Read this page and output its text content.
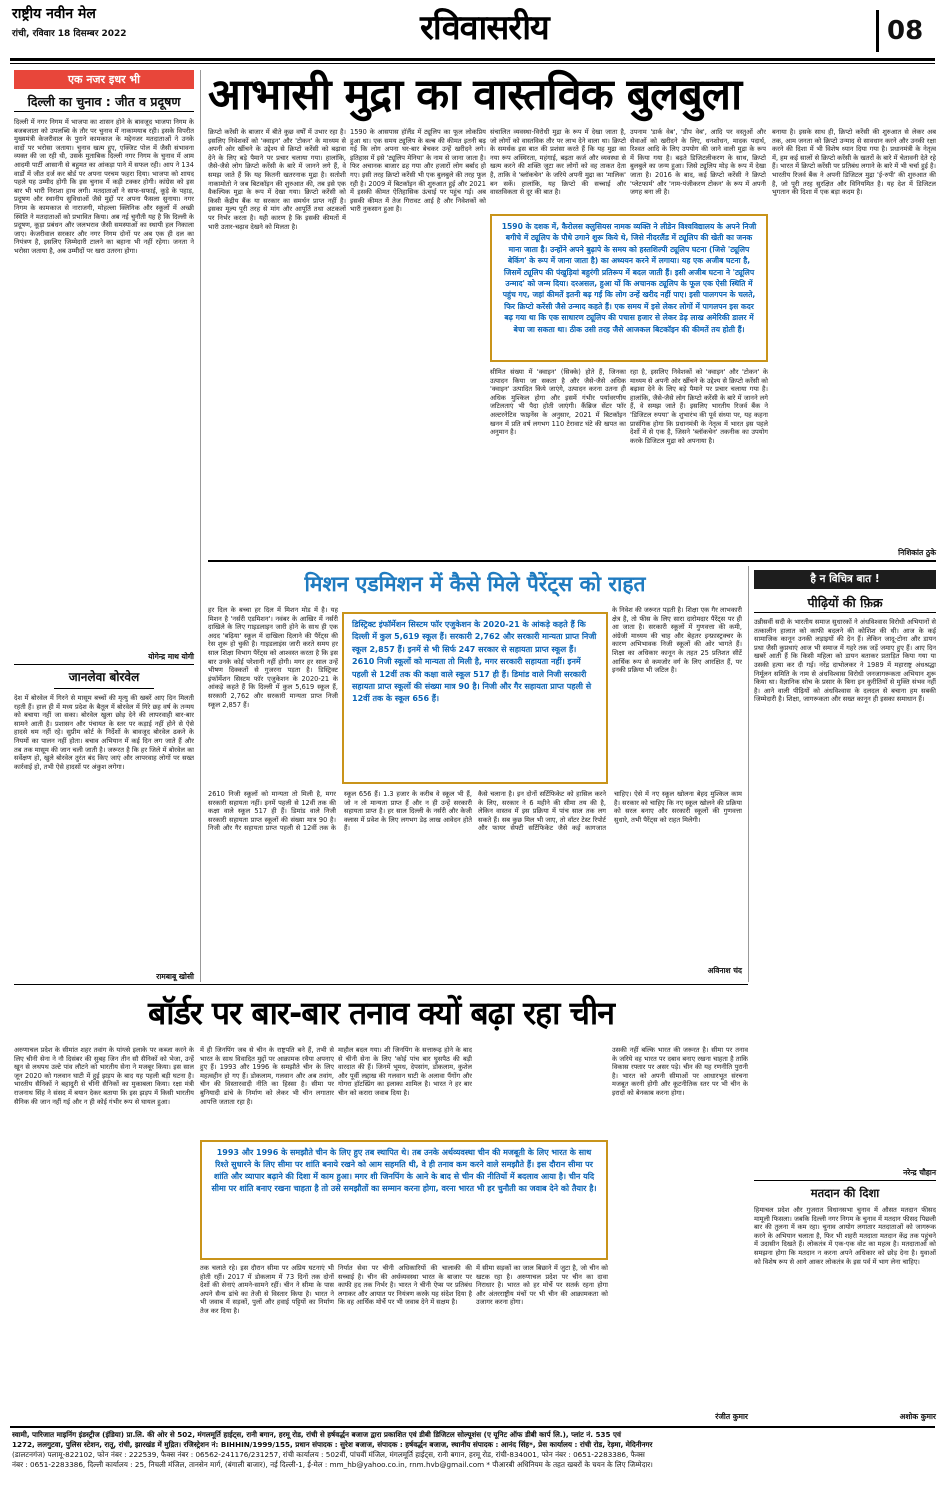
राष्ट्रीय नवीन मेल
रांची, रविवार 18 दिसम्बर 2022	रविवासरीय	08
एक नजर इधर भी
दिल्ली का चुनाव : जीत व प्रदूषण
दिल्ली में नगर निगम में भाजपा का शासन होने के बावजूद भाजपा निगम के बजबजाता को उपलब्धि के तौर पर चुनाव में नाकामयाब रही। इसके विपरीत मुख्यमंत्री केजरीवाल के पुराने कामकाज के मद्देनजर मतदाताओं ने उनके वादों पर भरोसा जताया। चुनाव खत्म हुए, एक्जिट पोल में जैसी संभावना व्यक्त की जा रही थी, उसके मुताबिक दिल्ली नगर निगम के चुनाव में आम आदमी पार्टी आसानी से बहुमत का आंकड़ा पाने में सफल रही। आप ने 134 वार्डों में जीत दर्ज कर बोर्ड पर अपना परचम फहरा दिया। भाजपा को शायद पहले यह उम्मीद होगी कि इस चुनाव में कड़ी टक्कर होगी। कांग्रेस को इस बार भी भारी निराशा हाथ लगी। मतदाताओं ने साफ-सफाई, कूड़े के पहाड़, प्रदूषण और स्थानीय सुविधाओं जैसे मुद्दों पर अपना फैसला सुनाया। नगर निगम के कामकाज से नाराजगी, मोहल्ला क्लिनिक और स्कूलों में अच्छी स्थिति ने मतदाताओं को प्रभावित किया। अब नई चुनौती यह है कि दिल्ली के प्रदूषण, कूड़ा प्रबंधन और जलभराव जैसी समस्याओं का स्थायी हल निकाला जाए। केजरीवाल सरकार और नगर निगम दोनों पर अब एक ही दल का नियंत्रण है, इसलिए जिम्मेदारी टालने का बहाना भी नहीं रहेगा। जनता ने भरोसा जताया है, अब उम्मीदों पर खरा उतरना होगा।
योगेन्द्र माथ योगी
जानलेवा बोरवेल
देश में बोरवेल में गिरने से मासूम बच्चों की मृत्यु की खबरें आए दिन मिलती रहती हैं। हाल ही में मध्य प्रदेश के बैतूल में बोरवेल में गिरे छह वर्ष के तन्मय को बचाया नहीं जा सका। बोरवेल खुला छोड़ देने की लापरवाही बार-बार सामने आती है। प्रशासन और पंचायत के स्तर पर कड़ाई नहीं होने से ऐसे हादसे थम नहीं रहे। सुप्रीम कोर्ट के निर्देशों के बावजूद बोरवेल ढकने के नियमों का पालन नहीं होता। बचाव अभियान में कई दिन लग जाते हैं और तब तक मासूम की जान चली जाती है। जरूरत है कि हर जिले में बोरवेल का सर्वेक्षण हो, खुले बोरवेल तुरंत बंद किए जाएं और लापरवाह लोगों पर सख्त कार्रवाई हो, तभी ऐसे हादसों पर अंकुश लगेगा।
रामबाबू खोसी
आभासी मुद्रा का वास्तविक बुलबुला
क्रिप्टो करेंसी के बाजार में बीते कुछ वर्षों में उभार रहा है। इसलिए निवेशकों को 'क्वाइन' और 'टोकन' के माध्यम से अपनी ओर खींचने के उद्देश्य से क्रिप्टो करेंसी को बढ़ावा देने के लिए बड़े पैमाने पर प्रचार चलाया गया। हालांकि, जैसे-जैसे लोग क्रिप्टो करेंसी के बारे में जानने लगे हैं, वे समझ जाते हैं कि यह कितनी खतरनाक मुद्रा है। सतोशी नाकामोतो ने जब बिटकॉइन की शुरुआत की, तब इसे एक वैकल्पिक मुद्रा के रूप में देखा गया। क्रिप्टो करेंसी को किसी केंद्रीय बैंक या सरकार का समर्थन प्राप्त नहीं है। इसका मूल्य पूरी तरह से मांग और आपूर्ति तथा अटकलों पर निर्भर करता है। यही कारण है कि इसकी कीमतों में भारी उतार-चढ़ाव देखने को मिलता है।
1590 के आसपास हॉलैंड में ट्यूलिप का फूल लोकप्रिय हुआ था। एक समय ट्यूलिप के बल्ब की कीमत इतनी बढ़ गई कि लोग अपना घर-बार बेचकर उन्हें खरीदने लगे। इतिहास में इसे 'ट्यूलिप मेनिया' के नाम से जाना जाता है। फिर अचानक बाजार ढह गया और हजारों लोग बर्बाद हो गए। इसी तरह क्रिप्टो करेंसी भी एक बुलबुले की तरह फूल रही है। 2009 में बिटकॉइन की शुरुआत हुई और 2021 में इसकी कीमत ऐतिहासिक ऊंचाई पर पहुंच गई। अब इसकी कीमत में तेज गिरावट आई है और निवेशकों को भारी नुकसान हुआ है।
संचालित व्यवस्था-विरोधी मुद्रा के रूप में देखा जाता है, जो लोगों को वास्तविक तौर पर लाभ देने वाला था। क्रिप्टो के समर्थक इस बात की प्रशंसा करते हैं कि यह मुद्रा का नया रूप अस्थिरता, महंगाई, बढ़ता कर्ज और व्यवस्था से खत्म करने की शक्ति जुटा कर लोगों को वह ताकत देता है, ताकि वे 'ब्लॉकचेन' के जरिये अपनी मुद्रा का 'मालिक' बन सकें। हालांकि, यह क्रिप्टो की सच्चाई और वास्तविकता से दूर की बात है।
उपनाम 'डार्क वेब', 'डीप वेब', आदि पर वस्तुओं और सेवाओं को खरीदने के लिए, धनशोधन, मादक पदार्थ, रिश्वत आदि के लिए उपयोग की जाने वाली मुद्रा के रूप में किया गया है। बढ़ते डिजिटलीकरण के साथ, क्रिप्टो बुलबुले का जन्म हुआ। जिसे ट्यूलिप मोड़ के रूप में देखा जाता है। 2016 के बाद, कई क्रिप्टो करेंसी ने क्रिप्टो 'प्लेटफार्म' और 'नाम-पंजीकरण टोकन' के रूप में अपनी जगह बना ली है।
बनाया है। इसके साथ ही, क्रिप्टो करेंसी की शुरुआत से लेकर अब तक, आम जनता को क्रिप्टो उन्माद से सावधान करने और उनकी रक्षा करने की दिशा में भी विशेष ध्यान दिया गया है। प्रधानमंत्री के नेतृत्व में, हम कई सालों से क्रिप्टो करेंसी के खतरों के बारे में चेतावनी देते रहे हैं। भारत में क्रिप्टो करेंसी पर प्रतिबंध लगाने के बारे में भी चर्चा हुई है। भारतीय रिजर्व बैंक ने अपनी डिजिटल मुद्रा 'ई-रुपी' की शुरुआत की है, जो पूरी तरह सुरक्षित और विनियमित है। यह देश में डिजिटल भुगतान की दिशा में एक बड़ा कदम है।
1590 के दशक में, कैरोलस क्लुसियस नामक व्यक्ति ने लीडेन विश्वविद्यालय के अपने निजी बगीचे में ट्यूलिप के पौधे उगाने शुरू किये थे, जिसे नीदरलैंड में ट्यूलिप की खेती का जनक माना जाता है। उन्होंने अपने बुढ़ापे के समय को हस्तशिल्पी ट्यूलिप घटना (जिसे 'ट्यूलिप बेकिंग' के रूप में जाना जाता है) का अध्ययन करने में लगाया। यह एक अजीब घटना है, जिसमें ट्यूलिप की पंखुड़ियां बहुरंगी प्रतिरूप में बदल जाती हैं। इसी अजीब घटना ने 'ट्यूलिप उन्माद' को जन्म दिया। दरअसल, हुआ यों कि अचानक ट्यूलिप के फूल एक ऐसी स्थिति में पहुंच गए, जहां कीमतें इतनी बढ़ गईं कि लोग उन्हें खरीद नहीं पाए। इसी पालगपन के चलते, फिर क्रिप्टो करेंसी जैसे उन्माद कहते हैं। एक समय में इसे लेकर लोगों में पागलपन इस कदर बढ़ गया था कि एक साधारण ट्यूलिप की पचास हजार से लेकर डेढ़ लाख अमेरिकी डालर में बेचा जा सकता था। ठीक उसी तरह जैसे आजकल बिटकॉइन की कीमतें तय होती हैं।
सीमित संख्या में 'क्वाइन' (सिक्के) होते हैं, जिनका उत्पादन किया जा सकता है और जैसे-जैसे अधिक 'क्वाइन' उत्पादित किये जाएंगे, उत्पादन करना उतना ही अधिक मुश्किल होगा और इसमें गंभीर पर्यावरणीय जटिलताएं भी पैदा होती जाएंगी। कैंब्रिज सेंटर फॉर अल्टरनेटिव फाइनेंस के अनुसार, 2021 में बिटकॉइन खनन में प्रति वर्ष लगभग 110 टेरावाट घंटे की खपत का अनुमान है।
रहा है, इसलिए निवेशकों को 'क्वाइन' और 'टोकन' के माध्यम से अपनी ओर खींचने के उद्देश्य से क्रिप्टो करेंसी को बढ़ावा देने के लिए बड़े पैमाने पर प्रचार चलाया गया है। हालांकि, जैसे-जैसे लोग क्रिप्टो करेंसी के बारे में जानने लगे हैं, वे समझ जाते हैं। इसलिए भारतीय रिजर्व बैंक ने 'डिजिटल रुपया' के शुभारंभ की पूर्व संध्या पर, यह कहना प्रासंगिक होगा कि प्रधानमंत्री के नेतृत्व में भारत इस पहले देशों में से एक है, जिसने 'ब्लॉकचेन' तकनीक का उपयोग करके डिजिटल मुद्रा को अपनाया है।
निशिकांत ठुके
मिशन एडमिशन में कैसे मिले पैरेंट्स को राहत
हर दिल के बच्चा हर दिल में मिशन मोड में है। यह मिशन है 'नर्सरी एडमिशन'। नवंबर के आखिर में नर्सरी दाखिले के लिए गाइडलाइन जारी होने के साथ ही एक अदद 'बढ़िया' स्कूल में दाखिला दिलाने की पैरेंट्स की रेस शुरू हो चुकी है। गाइडलाइंस जारी करते समय हर साल शिक्षा विभाग पैरेंट्स को आश्वस्त करता है कि इस बार उनके कोई परेशानी नहीं होगी। मगर हर साल उन्हें भीषण दिक्कतों से गुजरना पड़ता है। डिस्ट्रिक्ट इंफॉर्मेशन सिस्टम फॉर एजुकेशन के 2020-21 के आंकड़े कहते हैं कि दिल्ली में कुल 5,619 स्कूल हैं, सरकारी 2,762 और सरकारी मान्यता प्राप्त निजी स्कूल 2,857 हैं।
डिस्ट्रिक्ट इंफॉर्मेशन सिस्टम फॉर एजुकेशन के 2020-21 के आंकड़े कहते हैं कि दिल्ली में कुल 5,619 स्कूल हैं। सरकारी 2,762 और सरकारी मान्यता प्राप्त निजी स्कूल 2,857 हैं। इनमें से भी सिर्फ 247 सरकार से सहायता प्राप्त स्कूल हैं। 2610 निजी स्कूलों को मान्यता तो मिली है, मगर सरकारी सहायता नहीं। इनमें पहली से 12वीं तक की कक्षा वाले स्कूल 517 ही हैं। डिमांड वाले निजी सरकारी सहायता प्राप्त स्कूलों की संख्या मात्र 90 है। निजी और गैर सहायता प्राप्त पहली से 12वीं तक के स्कूल 656 हैं।
के निवेश की जरूरत पड़ती है। शिक्षा एक गैर लाभकारी क्षेत्र है, तो फीस के लिए सारा दारोमदार पैरेंट्स पर ही आ जाता है। सरकारी स्कूलों में गुणवत्ता की कमी, अंग्रेजी माध्यम की चाह और बेहतर इन्फ्रास्ट्रक्चर के कारण अभिभावक निजी स्कूलों की ओर भागते हैं। शिक्षा का अधिकार कानून के तहत 25 प्रतिशत सीटें आर्थिक रूप से कमजोर वर्ग के लिए आरक्षित हैं, पर इनकी प्रक्रिया भी जटिल है।
2610 निजी स्कूलों को मान्यता तो मिली है, मगर सरकारी सहायता नहीं। इनमें पहली से 12वीं तक की कक्षा वाले स्कूल 517 ही हैं। डिमांड वाले निजी सरकारी सहायता प्राप्त स्कूलों की संख्या मात्र 90 है। निजी और गैर सहायता प्राप्त पहली से 12वीं तक के स्कूल 656 हैं। 1.3 हजार के करीब वे स्कूल भी हैं, जो न तो मान्यता प्राप्त हैं और न ही उन्हें सरकारी सहायता प्राप्त है। हर साल दिल्ली के नर्सरी और केजी क्लास में प्रवेश के लिए लगभग डेढ़ लाख आवेदन होते हैं।
कैसे चलाना है। इन दोनों सर्टिफिकेट को हासिल करने के लिए, सरकार ने 6 महीने की सीमा तय की है, लेकिन वास्तव में इस प्रक्रिया में पांच साल तक लग सकते हैं। सब कुछ मिल भी जाए, तो वॉटर टेस्ट रिपोर्ट और फायर सेफ्टी सर्टिफिकेट जैसे कई कागजात चाहिए। ऐसे में नए स्कूल खोलना बेहद मुश्किल काम है। सरकार को चाहिए कि नए स्कूल खोलने की प्रक्रिया को सरल बनाए और सरकारी स्कूलों की गुणवत्ता सुधारे, तभी पैरेंट्स को राहत मिलेगी।
अविनाश चंद
है न विचित्र बात !
पीढ़ियों की फ़िक्र
उन्नीसवीं सदी के भारतीय समाज सुधारकों ने अंधविश्वास विरोधी अभियानों से तत्कालीन हालात को काफी बदलने की कोशिश की थी। आज के कई सामाजिक कानून उनकी लड़ाइयों की देन हैं। लेकिन जादू-टोना और डायन प्रथा जैसी कुप्रथाएं आज भी समाज में गहरे तक जड़ें जमाए हुए हैं। आए दिन खबरें आती हैं कि किसी महिला को डायन बताकर प्रताड़ित किया गया या उसकी हत्या कर दी गई। नरेंद्र दाभोलकर ने 1989 में महाराष्ट्र अंधश्रद्धा निर्मूलन समिति के नाम से अंधविश्वास विरोधी जनजागरूकता अभियान शुरू किया था। वैज्ञानिक सोच के प्रसार के बिना इन कुरीतियों से मुक्ति संभव नहीं है। आने वाली पीढ़ियों को अंधविश्वास के दलदल से बचाना हम सबकी जिम्मेदारी है। शिक्षा, जागरूकता और सख्त कानून ही इसका समाधान हैं।
नरेन्द्र चौहान
मतदान की दिशा
हिमाचल प्रदेश और गुजरात विधानसभा चुनाव में औसत मतदान फीसद मामूली फिसला। जबकि दिल्ली नगर निगम के चुनाव में मतदान फीसद पिछली बार की तुलना में कम रहा। चुनाव आयोग लगातार मतदाताओं को जागरूक करने के अभियान चलाता है, फिर भी शहरी मतदाता मतदान केंद्र तक पहुंचने में उदासीन दिखते हैं। लोकतंत्र में एक-एक वोट का महत्व है। मतदाताओं को समझना होगा कि मतदान न करना अपने अधिकार को छोड़ देना है। युवाओं को विशेष रूप से आगे आकर लोकतंत्र के इस पर्व में भाग लेना चाहिए।
अशोक कुमार
बॉर्डर पर बार-बार तनाव क्यों बढ़ा रहा चीन
अरुणाचल प्रदेश के सीमांत शहर तवांग के यांग्त्से इलाके पर कब्जा करने के लिए चीनी सेना ने नौ दिसंबर की सुबह जिन तीन सौ सैनिकों को भेजा, उन्हें खून से लथपथ उल्टे पांव लौटने को भारतीय सेना ने मजबूर किया। इस साल जून 2020 को गलवान घाटी में हुई झड़प के बाद यह पहली बड़ी घटना है। भारतीय सैनिकों ने बहादुरी से चीनी सैनिकों का मुकाबला किया। रक्षा मंत्री राजनाथ सिंह ने संसद में बयान देकर बताया कि इस झड़प में किसी भारतीय सैनिक की जान नहीं गई और न ही कोई गंभीर रूप से घायल हुआ।
में ही जिनपिंग जब से चीन के राष्ट्रपति बने हैं, तभी से भारत के साथ विवादित मुद्दों पर आक्रामक रवैया अपनाए हुए हैं। 1993 और 1996 के समझौते चीन के लिए महत्वहीन हो गए हैं। डोकलाम, गलवान और अब तवांग, चीन की विस्तारवादी नीति का हिस्सा है। सीमा पर बुनियादी ढांचे के निर्माण को लेकर भी चीन लगातार आपत्ति जताता रहा है।
माहौल बदल गया। शी जिनपिंग के सत्तारूढ़ होने के बाद से चीनी सेना के लिए 'कोई पांच बार घुसपैठ की बड़ी वारदात की हैं। जिनमें भूमध, देपसांग, डोकलाम, कुशेल और पूर्वी लद्दाख की गलवान घाटी के अलावा पैंगोंग और गोगरा हॉटस्प्रिंग का इलाका शामिल है। भारत ने हर बार चीन को करारा जवाब दिया है।
उसकी नहीं बल्कि भारत की जरूरत है। सीमा पर तनाव के जरिये वह भारत पर दबाव बनाए रखना चाहता है ताकि विकास रफ्तार पर असर पड़े। चीन की यह रणनीति पुरानी है। भारत को अपनी सीमाओं पर आधारभूत संरचना मजबूत करनी होगी और कूटनीतिक स्तर पर भी चीन के इरादों को बेनकाब करना होगा।
1993 और 1996 के समझौते चीन के लिए हुए तब स्थापित थे। तब उनके अर्थव्यवस्था चीन की मजबूती के लिए भारत के साथ रिश्ते सुधारने के लिए सीमा पर शांति बनाये रखने को आम सहमति थी, वे ही तनाव कम करने वाले समझौते हैं। इस दौरान सीमा पर शांति और व्यापार बढ़ाने की दिशा में काम हुआ। मगर शी जिनपिंग के आने के बाद से चीन की नीतियों में बदलाव आया है। चीन यदि सीमा पर शांति बनाए रखना चाहता है तो उसे समझौतों का सम्मान करना होगा, वरना भारत भी हर चुनौती का जवाब देने को तैयार है।
तक चलाते रहे। इस दौरान सीमा पर अप्रिय घटनाएं भी होती रहीं। 2017 में डोकलाम में 73 दिनों तक दोनों देशों की सेनाएं आमने-सामने रहीं। चीन ने सीमा के पास अपने सैन्य ढांचे का तेजी से विस्तार किया है। भारत ने भी जवाब में सड़कों, पुलों और हवाई पट्टियों का निर्माण तेज कर दिया है।
निर्यात सेवा पर चीनी अधिकारियों की चालाकी की सच्चाई है। चीन की अर्थव्यवस्था भारत के बाजार पर काफी हद तक निर्भर है। भारत ने चीनी ऐप्स पर प्रतिबंध लगाकर और आयात पर नियंत्रण करके यह संदेश दिया है कि वह आर्थिक मोर्चे पर भी जवाब देने में सक्षम है।
में सीमा सड़कों का जाल बिछाने में जुटा है, जो चीन को खटक रहा है। अरुणाचल प्रदेश पर चीन का दावा निराधार है। भारत को हर मोर्चे पर सतर्क रहना होगा और अंतरराष्ट्रीय मंचों पर भी चीन की आक्रामकता को उजागर करना होगा।
रंजीत कुमार
स्वामी, पारिजात माइनिंग इंडस्ट्रीज (इंडिया) प्रा.लि. की ओर से 502, मंगलमूर्ति हाईट्स, रानी बगान, हरमू रोड, रांची से हर्षवर्द्धन बजाज द्वारा प्रकाशित एवं डीबी डिजिटल सोल्यूशंस (ए यूनिट ऑफ डीबी कार्प लि.), प्लांट नं. 535 एवं
1272, ललगुटवा, पुलिस स्टेशन, रातू, रांची, झारखंड में मुद्रित। रजिस्ट्रेशन नं: BIHHIN/1999/155, प्रधान संपादक : सुरेश बजाज, संपादक : हर्षवर्द्धन बजाज, स्थानीय संपादक : आनंद सिंह*, प्रेस कार्यालय : रांची रोड, रेड़मा, मेदिनीनगर
(डालटनगंज) पलामू-822102, फोन नंबर : 222539, फैक्स नंबर : 06562-241176/231257, रांची कार्यालय : 502वीं, पांचवीं मंजिल, मंगलमूर्ति हाईट्स, रानी बगान, हरमू रोड, रांची-834001, फोन नंबर : 0651-2283386, फैक्स
नंबर : 0651-2283386, दिल्ली कार्यालय : 25, निचली मंजिल, तानसेन मार्ग, (बंगाली बाजार), नई दिल्ली-1, ई-मेल : mm_hb@yahoo.co.in, rnm.hvb@gmail.com * पीआरबी अधिनियम के तहत खबरों के चयन के लिए जिम्मेदार।
